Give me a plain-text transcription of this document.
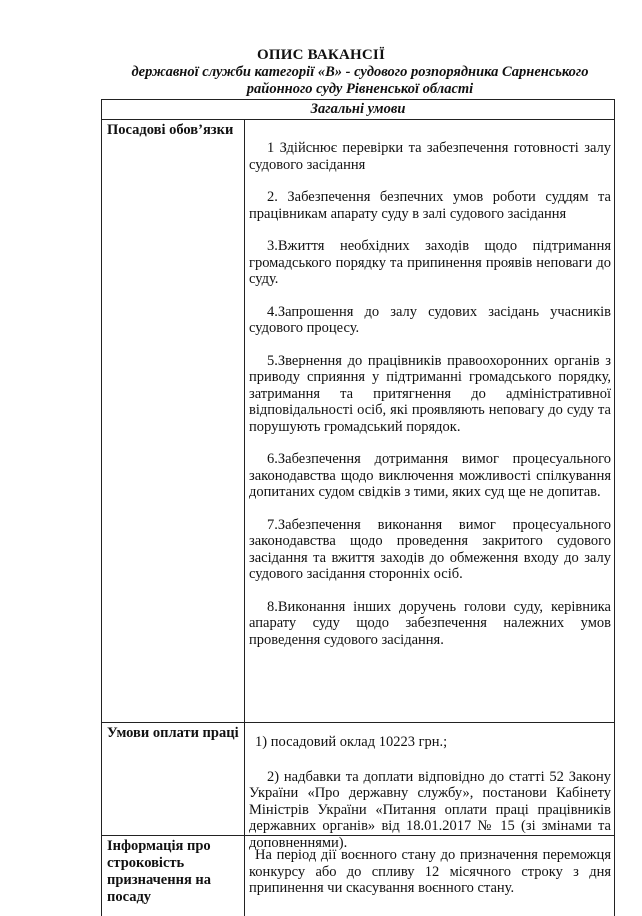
ОПИС ВАКАНСІЇ
державної служби категорії «В» - судового розпорядника Сарненського районного суду Рівненської області
Загальні умови
Посадові обов’язки

1 Здійснює перевірки та забезпечення готовності залу судового засідання

2. Забезпечення безпечних умов роботи суддям та працівникам апарату суду в залі судового засідання

3.Вжиття необхідних заходів щодо підтримання громадського порядку та припинення проявів неповаги до суду.

4.Запрошення до залу судових засідань учасників судового процесу.

5.Звернення до працівників правоохоронних органів з приводу сприяння у підтриманні громадського порядку, затримання та притягнення до адміністративної відповідальності осіб, які проявляють неповагу до суду та порушують громадський порядок.

6.Забезпечення дотримання вимог процесуального законодавства щодо виключення можливості спілкування допитаних судом свідків з тими, яких суд ще не допитав.

7.Забезпечення виконання вимог процесуального законодавства щодо проведення закритого судового засідання та вжиття заходів до обмеження входу до залу судового засідання сторонніх осіб.

8.Виконання інших доручень голови суду, керівника апарату суду щодо забезпечення належних умов проведення судового засідання.

Умови оплати праці

1) посадовий оклад 10223 грн.;

2) надбавки та доплати відповідно до статті 52 Закону України «Про державну службу», постанови Кабінету Міністрів України «Питання оплати праці працівників державних органів» від 18.01.2017 № 15 (зі змінами та доповненнями).

Інформація про строковість призначення на посаду

На період дії воєнного стану до призначення переможця конкурсу або до спливу 12 місячного строку з дня припинення чи скасування воєнного стану.
